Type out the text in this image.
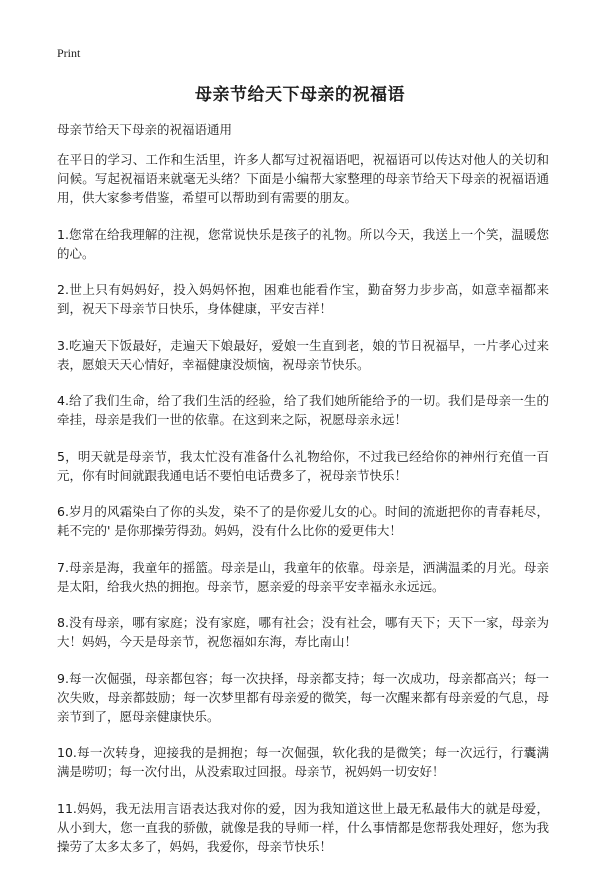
Print
母亲节给天下母亲的祝福语

母亲节给天下母亲的祝福语通用

在平日的学习、工作和生活里，许多人都写过祝福语吧，祝福语可以传达对他人的关切和问候。写起祝福语来就毫无头绪？下面是小编帮大家整理的母亲节给天下母亲的祝福语通用，供大家参考借鉴，希望可以帮助到有需要的朋友。

1.您常在给我理解的注视，您常说快乐是孩子的礼物。所以今天，我送上一个笑，温暖您的心。

2.世上只有妈妈好，投入妈妈怀抱，困难也能看作宝，勤奋努力步步高，如意幸福都来到，祝天下母亲节日快乐，身体健康，平安吉祥！

3.吃遍天下饭最好，走遍天下娘最好，爱娘一生直到老，娘的节日祝福早，一片孝心过来表，愿娘天天心情好，幸福健康没烦恼，祝母亲节快乐。

4.给了我们生命，给了我们生活的经验，给了我们她所能给予的一切。我们是母亲一生的牵挂，母亲是我们一世的依靠。在这到来之际，祝愿母亲永远！

5，明天就是母亲节，我太忙没有准备什么礼物给你，不过我已经给你的神州行充值一百元，你有时间就跟我通电话不要怕电话费多了，祝母亲节快乐！

6.岁月的风霜染白了你的头发，染不了的是你爱儿女的心。时间的流逝把你的青春耗尽，耗不完的' 是你那操劳得劲。妈妈，没有什么比你的爱更伟大！

7.母亲是海，我童年的摇篮。母亲是山，我童年的依靠。母亲是，洒满温柔的月光。母亲是太阳，给我火热的拥抱。母亲节，愿亲爱的母亲平安幸福永永远远。

8.没有母亲，哪有家庭；没有家庭，哪有社会；没有社会，哪有天下；天下一家，母亲为大！妈妈，今天是母亲节，祝您福如东海，寿比南山！

9.每一次倔强，母亲都包容；每一次抉择，母亲都支持；每一次成功，母亲都高兴；每一次失败，母亲都鼓励；每一次梦里都有母亲爱的微笑，每一次醒来都有母亲爱的气息，母亲节到了，愿母亲健康快乐。

10.每一次转身，迎接我的是拥抱；每一次倔强，软化我的是微笑；每一次远行，行囊满满是唠叨；每一次付出，从没索取过回报。母亲节，祝妈妈一切安好！

11.妈妈，我无法用言语表达我对你的爱，因为我知道这世上最无私最伟大的就是母爱，从小到大，您一直我的骄傲，就像是我的导师一样，什么事情都是您帮我处理好，您为我操劳了太多太多了，妈妈，我爱你，母亲节快乐！
